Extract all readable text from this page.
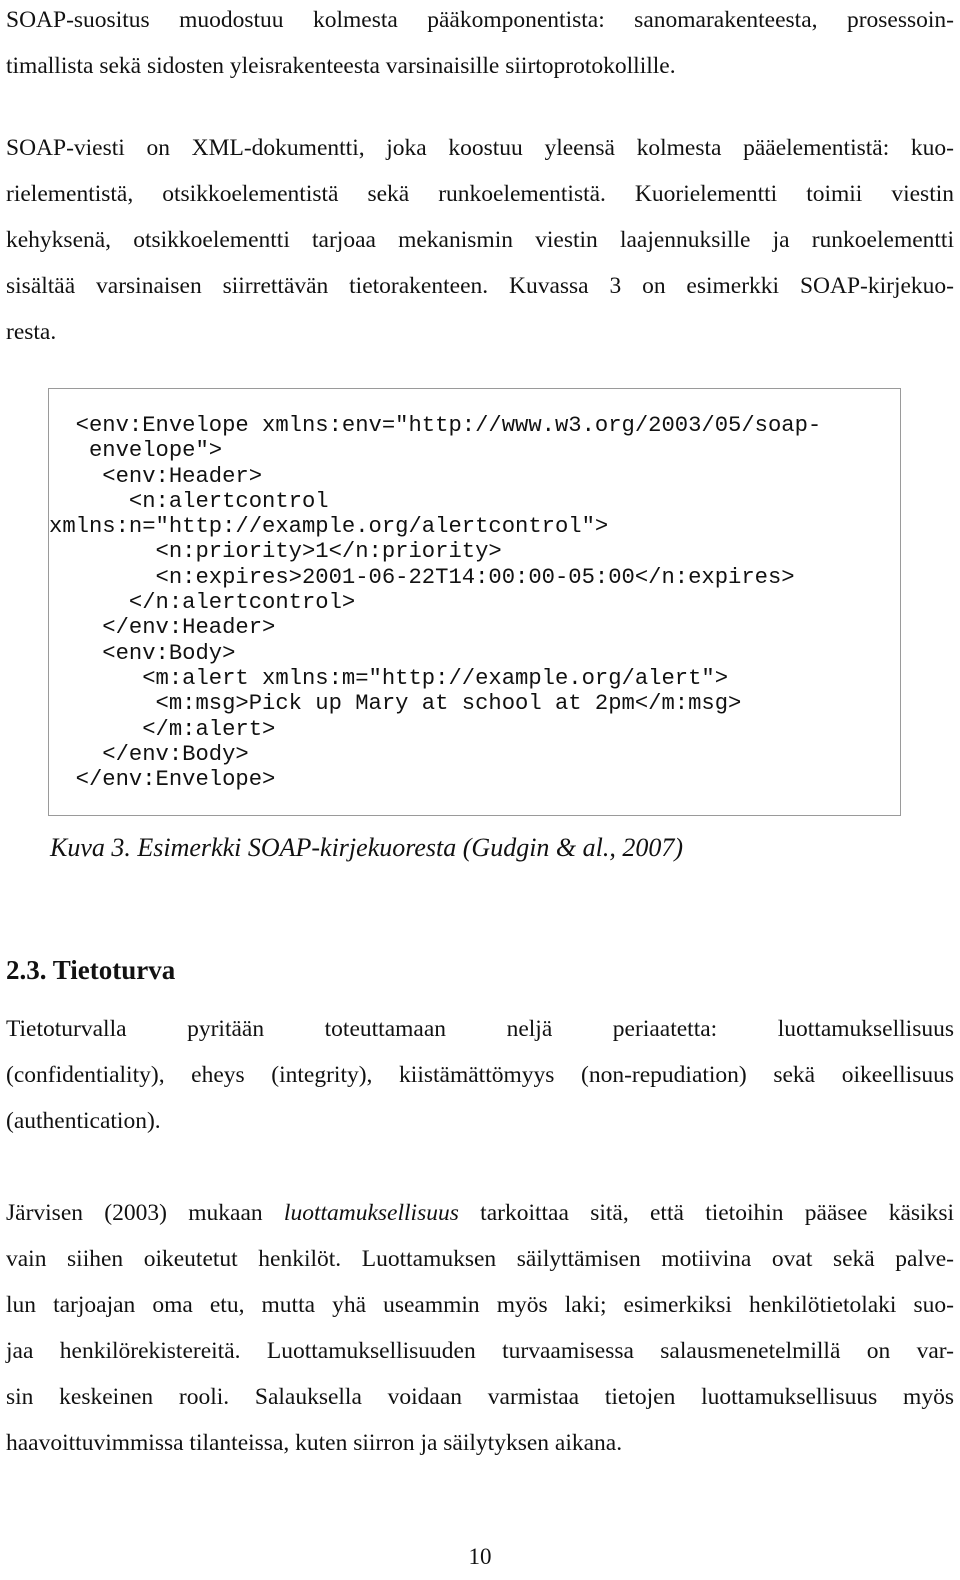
SOAP-suositus muodostuu kolmesta pääkomponentista: sanomarakenteesta, prosessoin-
timallista sekä sidosten yleisrakenteesta varsinaisille siirtoprotokollille.
SOAP-viesti on XML-dokumentti, joka koostuu yleensä kolmesta pääelementistä: kuo-
rielementistä, otsikkoelementistä sekä runkoelementistä. Kuorielementti toimii viestin
kehyksenä, otsikkoelementti tarjoaa mekanismin viestin laajennuksille ja runkoelementti
sisältää varsinaisen siirrettävän tietorakenteen. Kuvassa 3 on esimerkki SOAP-kirjekuo-
resta.
<env:Envelope xmlns:env="http://www.w3.org/2003/05/soap-
envelope">
<env:Header>
<n:alertcontrol
xmlns:n="http://example.org/alertcontrol">
<n:priority>1</n:priority>
<n:expires>2001-06-22T14:00:00-05:00</n:expires>
</n:alertcontrol>
</env:Header>
<env:Body>
<m:alert xmlns:m="http://example.org/alert">
<m:msg>Pick up Mary at school at 2pm</m:msg>
</m:alert>
</env:Body>
</env:Envelope>
Kuva 3. Esimerkki SOAP-kirjekuoresta (Gudgin & al., 2007)
2.3. Tietoturva
Tietoturvalla pyritään toteuttamaan neljä periaatetta: luottamuksellisuus
(confidentiality), eheys (integrity), kiistämättömyys (non-repudiation) sekä oikeellisuus
(authentication).
Järvisen (2003) mukaan luottamuksellisuus tarkoittaa sitä, että tietoihin pääsee käsiksi
vain siihen oikeutetut henkilöt. Luottamuksen säilyttämisen motiivina ovat sekä palve-
lun tarjoajan oma etu, mutta yhä useammin myös laki; esimerkiksi henkilötietolaki suo-
jaa henkilörekistereitä. Luottamuksellisuuden turvaamisessa salausmenetelmillä on var-
sin keskeinen rooli. Salauksella voidaan varmistaa tietojen luottamuksellisuus myös
haavoittuvimmissa tilanteissa, kuten siirron ja säilytyksen aikana.
10
